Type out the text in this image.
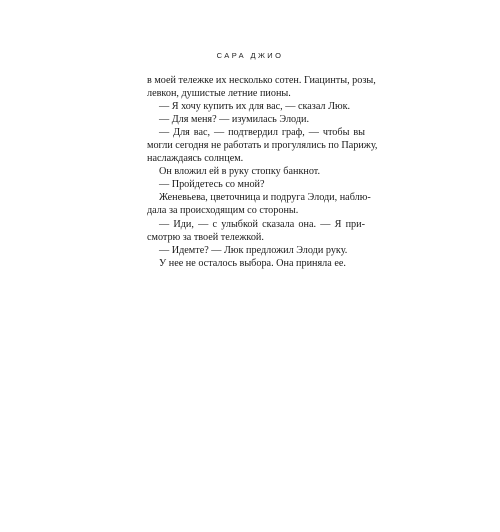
САРА ДЖИО
в моей тележке их несколько сотен. Гиацинты, розы,
левкон, душистые летние пионы.
— Я хочу купить их для вас, — сказал Люк.
— Для меня? — изумилась Элоди.
— Для вас, — подтвердил граф, — чтобы вы
могли сегодня не работать и прогулялись по Парижу,
наслаждаясь солнцем.
Он вложил ей в руку стопку банкнот.
— Пройдетесь со мной?
Женевьева, цветочница и подруга Элоди, наблю-
дала за происходящим со стороны.
— Иди, — с улыбкой сказала она. — Я при-
смотрю за твоей тележкой.
— Идемте? — Люк предложил Элоди руку.
У нее не осталось выбора. Она приняла ее.
